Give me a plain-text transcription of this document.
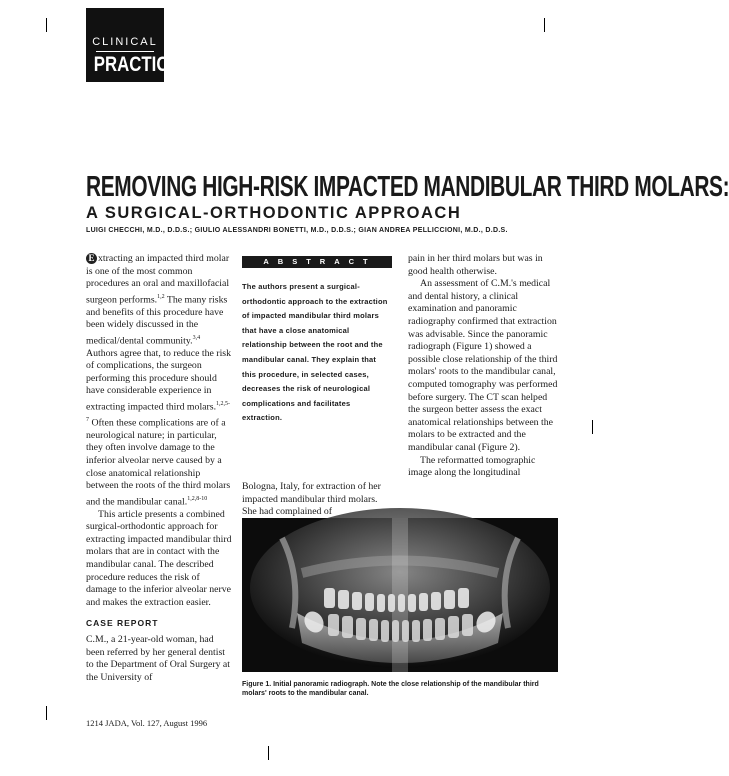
CLINICAL
PRACTICE
REMOVING HIGH-RISK IMPACTED MANDIBULAR THIRD MOLARS:
A SURGICAL-ORTHODONTIC APPROACH
LUIGI CHECCHI, M.D., D.D.S.; GIULIO ALESSANDRI BONETTI, M.D., D.D.S.; GIAN ANDREA PELLICCIONI, M.D., D.D.S.

E xtracting an impacted third molar is one of the most common procedures an oral and maxillofacial surgeon performs.$^{1,2}$ The many risks and benefits of this procedure have been widely discussed in the medical/dental community.$^{3,4}$ Authors agree that, to reduce the risk of complications, the surgeon performing this procedure should have considerable experience in extracting impacted third molars.$^{1,2,5-7}$ Often these complications are of a neurological nature; in particular, they often involve damage to the inferior alveolar nerve caused by a close anatomical relationship between the roots of the third molars and the mandibular canal.$^{1,2,8-10}$

This article presents a combined surgical-orthodontic approach for extracting impacted mandibular third molars that are in contact with the mandibular canal. The described procedure reduces the risk of damage to the inferior alveolar nerve and makes the extraction easier.

CASE REPORT

C.M., a 21-year-old woman, had been referred by her general dentist to the Department of Oral Surgery at the University of

ABSTRACT
The authors present a surgical-orthodontic approach to the extraction of impacted mandibular third molars that have a close anatomical relationship between the root and the mandibular canal. They explain that this procedure, in selected cases, decreases the risk of neurological complications and facilitates extraction.

Bologna, Italy, for extraction of her impacted mandibular third molars. She had complained of

pain in her third molars but was in good health otherwise.

An assessment of C.M.'s medical and dental history, a clinical examination and panoramic radiography confirmed that extraction was advisable. Since the panoramic radiograph (Figure 1) showed a possible close relationship of the third molars' roots to the mandibular canal, computed tomography was performed before surgery. The CT scan helped the surgeon better assess the exact anatomical relationships between the molars to be extracted and the mandibular canal (Figure 2).

The reformatted tomographic image along the longitudinal

Figure 1. Initial panoramic radiograph. Note the close relationship of the mandibular third molars' roots to the mandibular canal.
1214 JADA, Vol. 127, August 1996
